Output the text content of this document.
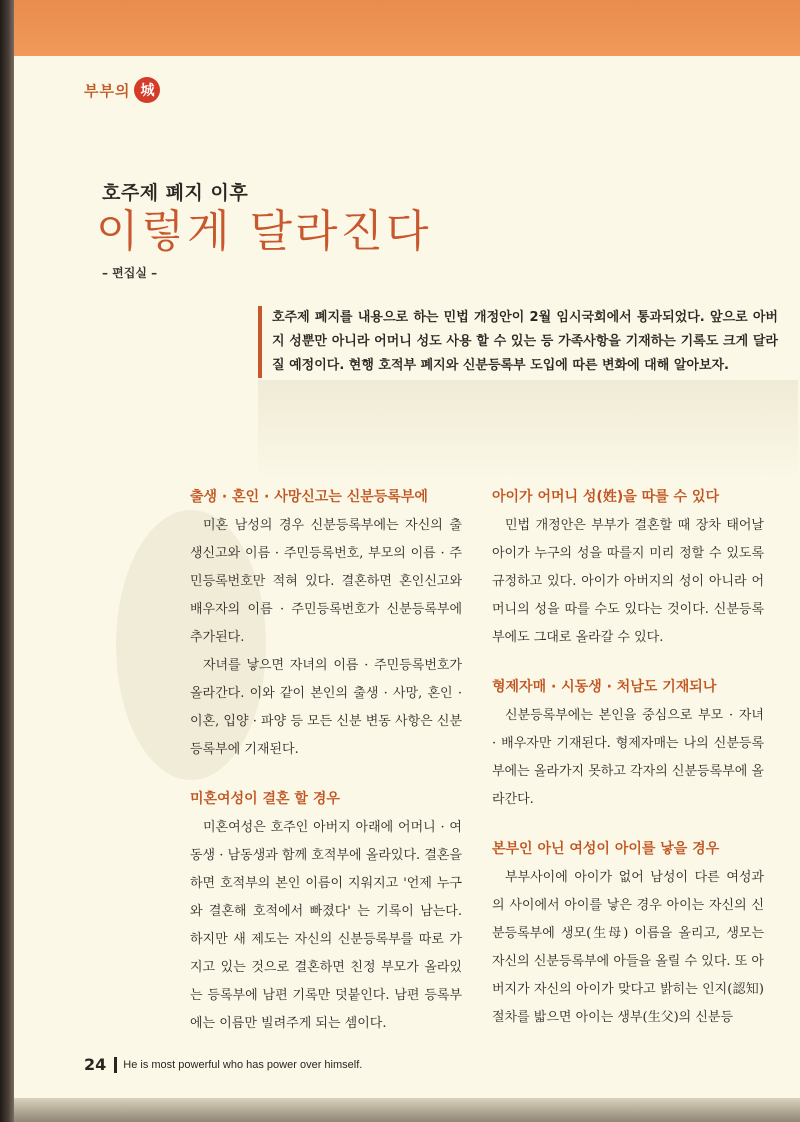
부부의 城
호주제 폐지 이후
이렇게 달라진다
– 편집실 –
호주제 폐지를 내용으로 하는 민법 개정안이 2월 임시국회에서 통과되었다. 앞으로 아버지 성뿐만 아니라 어머니 성도 사용 할 수 있는 등 가족사항을 기재하는 기록도 크게 달라질 예정이다. 현행 호적부 폐지와 신분등록부 도입에 따른 변화에 대해 알아보자.
출생 · 혼인 · 사망신고는 신분등록부에

미혼 남성의 경우 신분등록부에는 자신의 출생신고와 이름 · 주민등록번호, 부모의 이름 · 주민등록번호만 적혀 있다. 결혼하면 혼인신고와 배우자의 이름 · 주민등록번호가 신분등록부에 추가된다.

자녀를 낳으면 자녀의 이름 · 주민등록번호가 올라간다. 이와 같이 본인의 출생 · 사망, 혼인 · 이혼, 입양 · 파양 등 모든 신분 변동 사항은 신분등록부에 기재된다.

미혼여성이 결혼 할 경우

미혼여성은 호주인 아버지 아래에 어머니 · 여동생 · 남동생과 함께 호적부에 올라있다. 결혼을 하면 호적부의 본인 이름이 지워지고 '언제 누구와 결혼해 호적에서 빠졌다' 는 기록이 남는다. 하지만 새 제도는 자신의 신분등록부를 따로 가지고 있는 것으로 결혼하면 친정 부모가 올라있는 등록부에 남편 기록만 덧붙인다. 남편 등록부에는 이름만 빌려주게 되는 셈이다.

아이가 어머니 성(姓)을 따를 수 있다

민법 개정안은 부부가 결혼할 때 장차 태어날 아이가 누구의 성을 따를지 미리 정할 수 있도록 규정하고 있다. 아이가 아버지의 성이 아니라 어머니의 성을 따를 수도 있다는 것이다. 신분등록부에도 그대로 올라갈 수 있다.

형제자매 · 시동생 · 처남도 기재되나

신분등록부에는 본인을 중심으로 부모 · 자녀 · 배우자만 기재된다. 형제자매는 나의 신분등록부에는 올라가지 못하고 각자의 신분등록부에 올라간다.

본부인 아닌 여성이 아이를 낳을 경우

부부사이에 아이가 없어 남성이 다른 여성과의 사이에서 아이를 낳은 경우 아이는 자신의 신분등록부에 생모(生母) 이름을 올리고, 생모는 자신의 신분등록부에 아들을 올릴 수 있다. 또 아버지가 자신의 아이가 맞다고 밝히는 인지(認知) 절차를 밟으면 아이는 생부(生父)의 신분등

24 He is most powerful who has power over himself.
